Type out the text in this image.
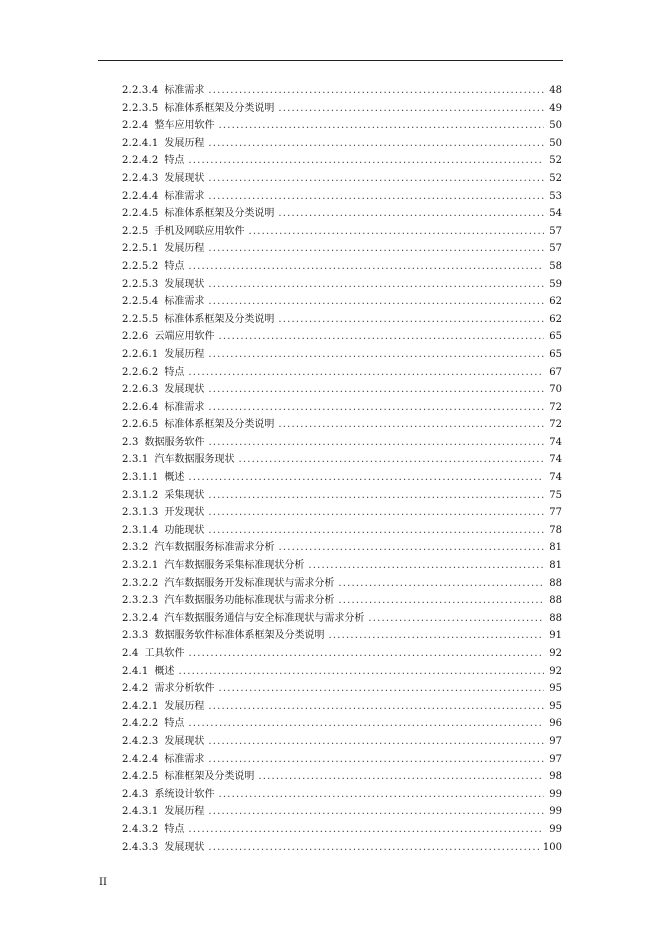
2.2.3.4 标准需求 .....	48
2.2.3.5 标准体系框架及分类说明 .....	49
2.2.4 整车应用软件 .....	50
2.2.4.1 发展历程 .....	50
2.2.4.2 特点 .....	52
2.2.4.3 发展现状 .....	52
2.2.4.4 标准需求 .....	53
2.2.4.5 标准体系框架及分类说明 .....	54
2.2.5 手机及网联应用软件 .....	57
2.2.5.1 发展历程 .....	57
2.2.5.2 特点 .....	58
2.2.5.3 发展现状 .....	59
2.2.5.4 标准需求 .....	62
2.2.5.5 标准体系框架及分类说明 .....	62
2.2.6 云端应用软件 .....	65
2.2.6.1 发展历程 .....	65
2.2.6.2 特点 .....	67
2.2.6.3 发展现状 .....	70
2.2.6.4 标准需求 .....	72
2.2.6.5 标准体系框架及分类说明 .....	72
2.3 数据服务软件 .....	74
2.3.1 汽车数据服务现状 .....	74
2.3.1.1 概述 .....	74
2.3.1.2 采集现状 .....	75
2.3.1.3 开发现状 .....	77
2.3.1.4 功能现状 .....	78
2.3.2 汽车数据服务标准需求分析 .....	81
2.3.2.1 汽车数据服务采集标准现状分析 .....	81
2.3.2.2 汽车数据服务开发标准现状与需求分析 .....	88
2.3.2.3 汽车数据服务功能标准现状与需求分析 .....	88
2.3.2.4 汽车数据服务通信与安全标准现状与需求分析 .....	88
2.3.3 数据服务软件标准体系框架及分类说明 .....	91
2.4 工具软件 .....	92
2.4.1 概述 .....	92
2.4.2 需求分析软件 .....	95
2.4.2.1 发展历程 .....	95
2.4.2.2 特点 .....	96
2.4.2.3 发展现状 .....	97
2.4.2.4 标准需求 .....	97
2.4.2.5 标准框架及分类说明 .....	98
2.4.3 系统设计软件 .....	99
2.4.3.1 发展历程 .....	99
2.4.3.2 特点 .....	99
2.4.3.3 发展现状 .....	100
II
